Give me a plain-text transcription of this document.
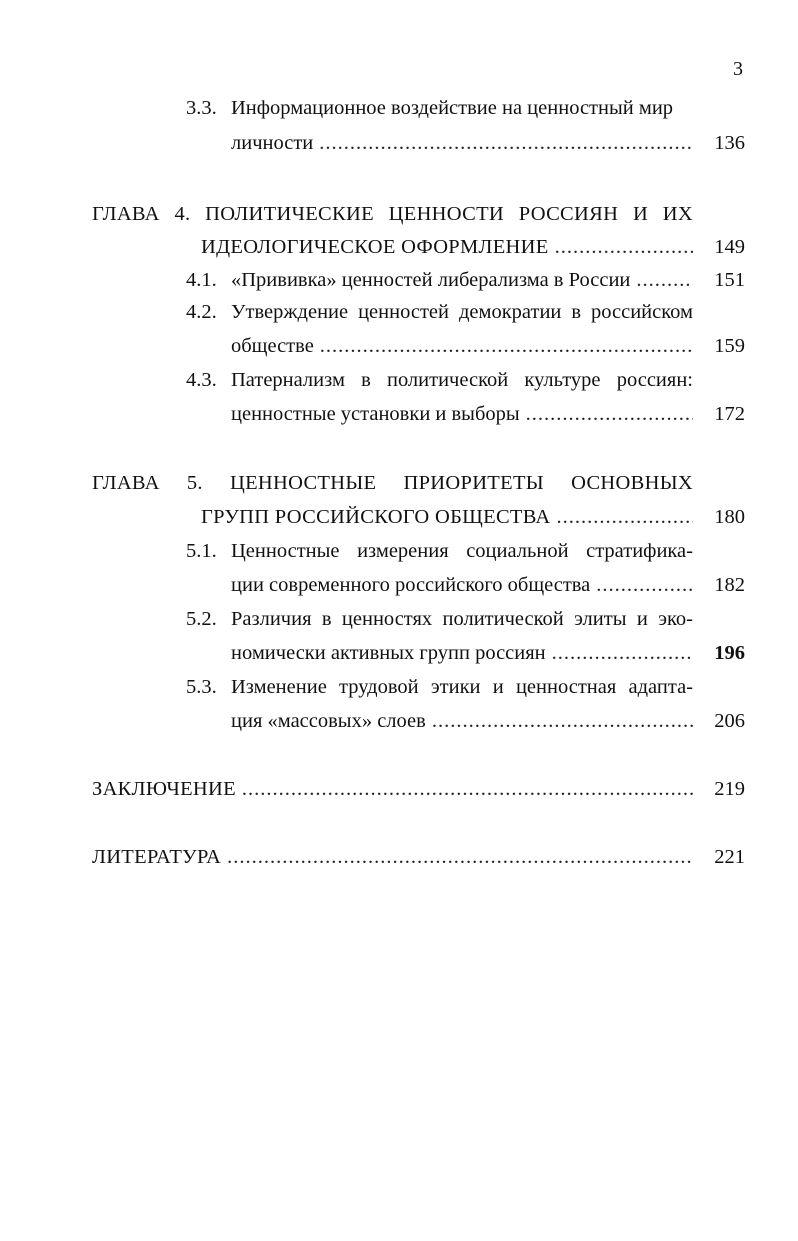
3
3.3. Информационное воздействие на ценностный мир
личности .....	136
ГЛАВА 4. ПОЛИТИЧЕСКИЕ ЦЕННОСТИ РОССИЯН И ИХ
ИДЕОЛОГИЧЕСКОЕ ОФОРМЛЕНИЕ .....	149
4.1. «Прививка» ценностей либерализма в России .....	151
4.2. Утверждение ценностей демократии в российском
обществе .....	159
4.3. Патернализм в политической культуре россиян:
ценностные установки и выборы .....	172
ГЛАВА 5. ЦЕННОСТНЫЕ ПРИОРИТЕТЫ ОСНОВНЫХ
ГРУПП РОССИЙСКОГО ОБЩЕСТВА .....	180
5.1. Ценностные измерения социальной стратифика-
ции современного российского общества .....	182
5.2. Различия в ценностях политической элиты и эко-
номически активных групп россиян .....	196
5.3. Изменение трудовой этики и ценностная адапта-
ция «массовых» слоев .....	206
ЗАКЛЮЧЕНИЕ .....	219
ЛИТЕРАТУРА .....	221
